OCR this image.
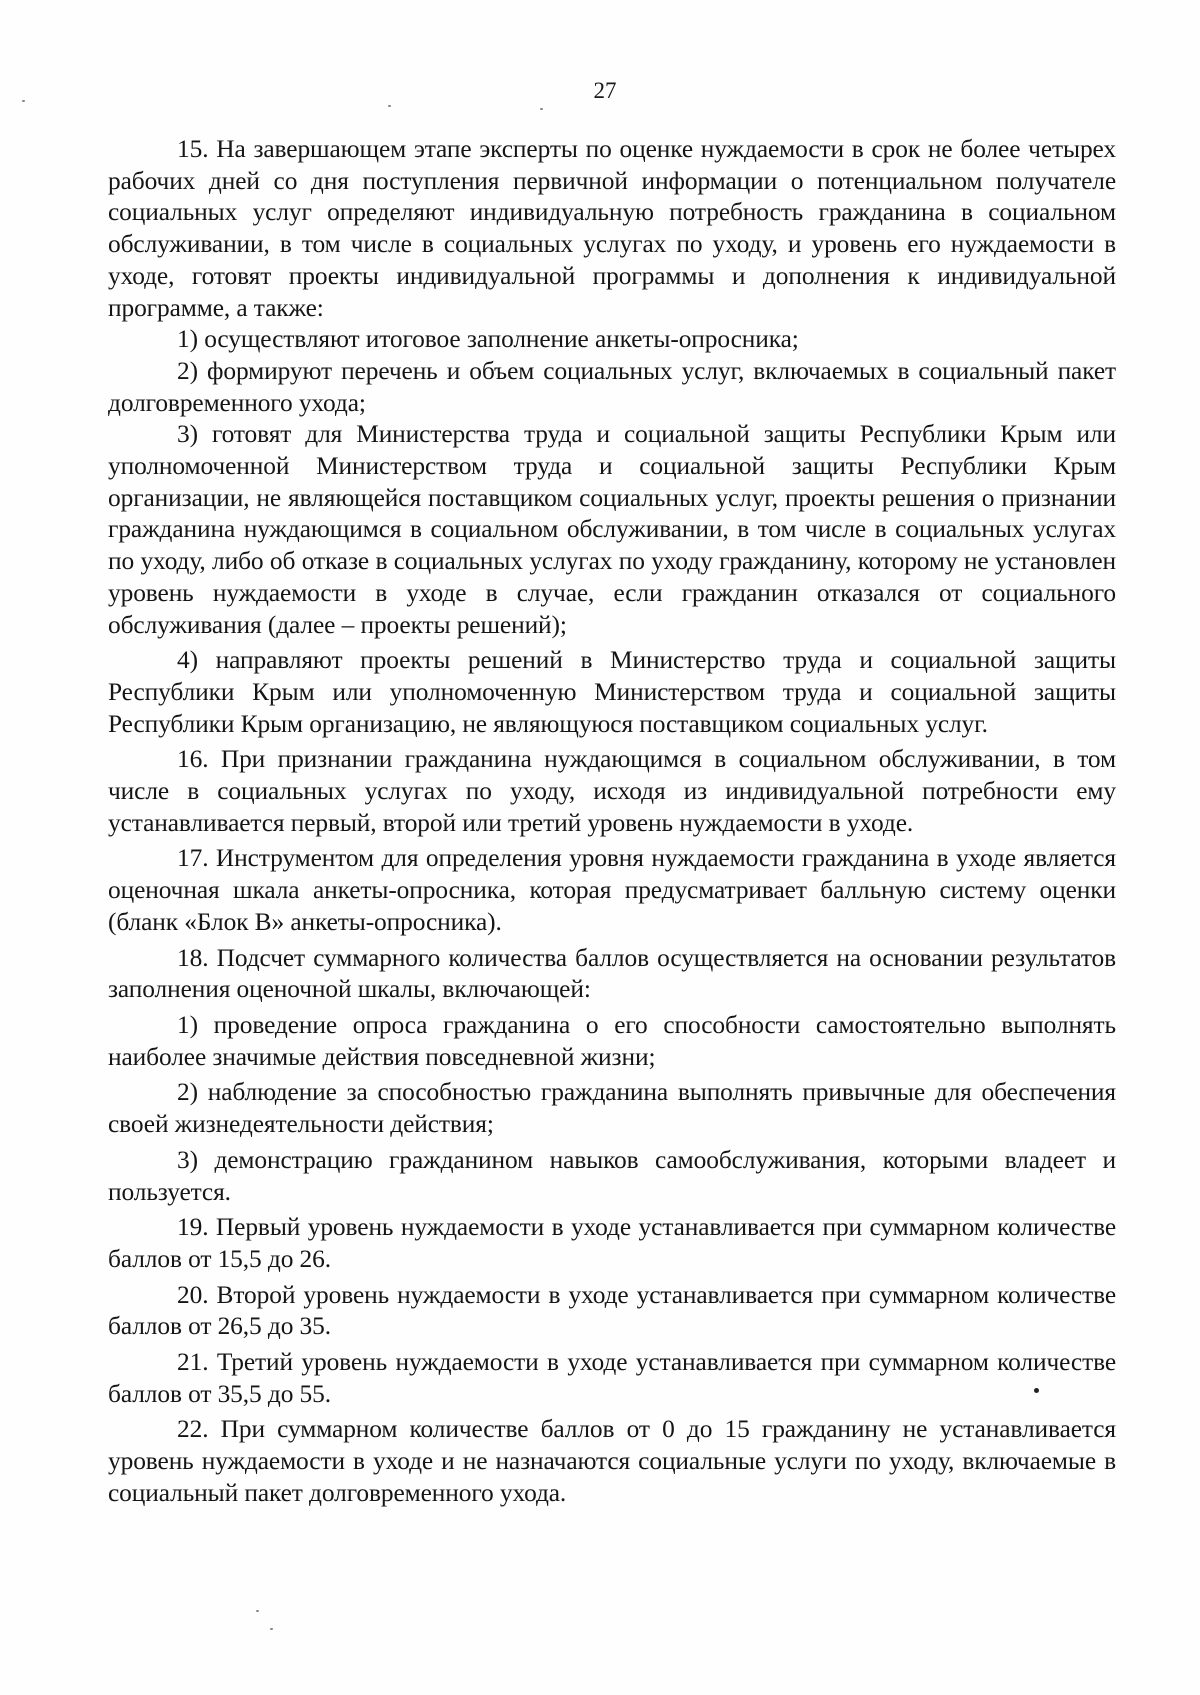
27

15. На завершающем этапе эксперты по оценке нуждаемости в срок не более четырех рабочих дней со дня поступления первичной информации о потенциальном получателе социальных услуг определяют индивидуальную потребность гражданина в социальном обслуживании, в том числе в социальных услугах по уходу, и уровень его нуждаемости в уходе, готовят проекты индивидуальной программы и дополнения к индивидуальной программе, а также:

1) осуществляют итоговое заполнение анкеты-опросника;

2) формируют перечень и объем социальных услуг, включаемых в социальный пакет долговременного ухода;

3) готовят для Министерства труда и социальной защиты Республики Крым или уполномоченной Министерством труда и социальной защиты Республики Крым организации, не являющейся поставщиком социальных услуг, проекты решения о признании гражданина нуждающимся в социальном обслуживании, в том числе в социальных услугах по уходу, либо об отказе в социальных услугах по уходу гражданину, которому не установлен уровень нуждаемости в уходе в случае, если гражданин отказался от социального обслуживания (далее – проекты решений);

4) направляют проекты решений в Министерство труда и социальной защиты Республики Крым или уполномоченную Министерством труда и социальной защиты Республики Крым организацию, не являющуюся поставщиком социальных услуг.

16. При признании гражданина нуждающимся в социальном обслуживании, в том числе в социальных услугах по уходу, исходя из индивидуальной потребности ему устанавливается первый, второй или третий уровень нуждаемости в уходе.

17. Инструментом для определения уровня нуждаемости гражданина в уходе является оценочная шкала анкеты-опросника, которая предусматривает балльную систему оценки (бланк «Блок В» анкеты-опросника).

18. Подсчет суммарного количества баллов осуществляется на основании результатов заполнения оценочной шкалы, включающей:

1) проведение опроса гражданина о его способности самостоятельно выполнять наиболее значимые действия повседневной жизни;

2) наблюдение за способностью гражданина выполнять привычные для обеспечения своей жизнедеятельности действия;

3) демонстрацию гражданином навыков самообслуживания, которыми владеет и пользуется.

19. Первый уровень нуждаемости в уходе устанавливается при суммарном количестве баллов от 15,5 до 26.

20. Второй уровень нуждаемости в уходе устанавливается при суммарном количестве баллов от 26,5 до 35.

21. Третий уровень нуждаемости в уходе устанавливается при суммарном количестве баллов от 35,5 до 55.

22. При суммарном количестве баллов от 0 до 15 гражданину не устанавливается уровень нуждаемости в уходе и не назначаются социальные услуги по уходу, включаемые в социальный пакет долговременного ухода.
